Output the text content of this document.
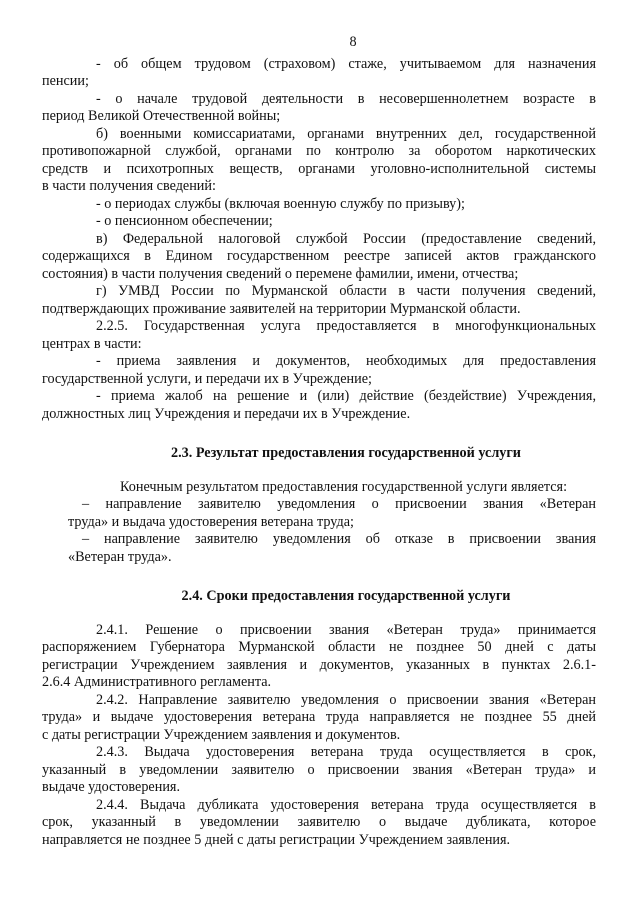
8
- об общем трудовом (страховом) стаже, учитываемом для назначения
пенсии;
- о начале трудовой деятельности в несовершеннолетнем возрасте в
период Великой Отечественной войны;
б) военными комиссариатами, органами внутренних дел, государственной
противопожарной службой, органами по контролю за оборотом наркотических
средств и психотропных веществ, органами уголовно-исполнительной системы
в части получения сведений:
- о периодах службы (включая военную службу по призыву);
- о пенсионном обеспечении;
в) Федеральной налоговой службой России (предоставление сведений,
содержащихся в Едином государственном реестре записей актов гражданского
состояния) в части получения сведений о перемене фамилии, имени, отчества;
г) УМВД России по Мурманской области в части получения сведений,
подтверждающих проживание заявителей на территории Мурманской области.
2.2.5. Государственная услуга предоставляется в многофункциональных
центрах в части:
- приема заявления и документов, необходимых для предоставления
государственной услуги, и передачи их в Учреждение;
- приема жалоб на решение и (или) действие (бездействие) Учреждения,
должностных лиц Учреждения и передачи их в Учреждение.
2.3. Результат предоставления государственной услуги
Конечным результатом предоставления государственной услуги является:
– направление заявителю уведомления о присвоении звания «Ветеран
труда» и выдача удостоверения ветерана труда;
– направление заявителю уведомления об отказе в присвоении звания
«Ветеран труда».
2.4. Сроки предоставления государственной услуги
2.4.1. Решение о присвоении звания «Ветеран труда» принимается
распоряжением Губернатора Мурманской области не позднее 50 дней с даты
регистрации Учреждением заявления и документов, указанных в пунктах 2.6.1-
2.6.4 Административного регламента.
2.4.2. Направление заявителю уведомления о присвоении звания «Ветеран
труда» и выдаче удостоверения ветерана труда направляется не позднее 55 дней
с даты регистрации Учреждением заявления и документов.
2.4.3. Выдача удостоверения ветерана труда осуществляется в срок,
указанный в уведомлении заявителю о присвоении звания «Ветеран труда» и
выдаче удостоверения.
2.4.4. Выдача дубликата удостоверения ветерана труда осуществляется в
срок, указанный в уведомлении заявителю о выдаче дубликата, которое
направляется не позднее 5 дней с даты регистрации Учреждением заявления.
